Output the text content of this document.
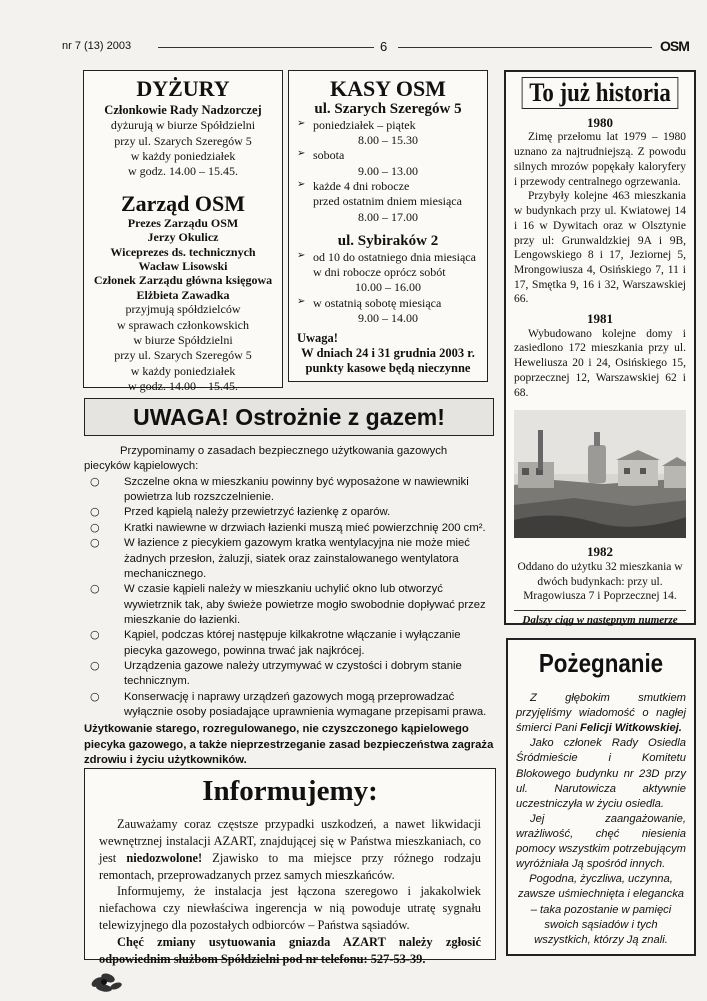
nr 7 (13) 2003	6	OSM
DYŻURY
Członkowie Rady Nadzorczej
dyżurują w biurze Spółdzielni
przy ul. Szarych Szeregów 5
w każdy poniedziałek
w godz. 14.00 – 15.45.
Zarząd OSM
Prezes Zarządu OSM
Jerzy Okulicz
Wiceprezes ds. technicznych
Wacław Lisowski
Członek Zarządu główna księgowa
Elżbieta Zawadka
przyjmują spółdzielców
w sprawach członkowskich
w biurze Spółdzielni
przy ul. Szarych Szeregów 5
w każdy poniedziałek
w godz. 14.00 – 15.45.
KASY OSM
ul. Szarych Szeregów 5
➢ poniedziałek – piątek
8.00 – 15.30
➢ sobota
9.00 – 13.00
➢ każde 4 dni robocze
przed ostatnim dniem miesiąca
8.00 – 17.00
ul. Sybiraków 2
➢ od 10 do ostatniego dnia miesiąca
w dni robocze oprócz sobót
10.00 – 16.00
➢ w ostatnią sobotę miesiąca
9.00 – 14.00
Uwaga!
W dniach 24 i 31 grudnia 2003 r.
punkty kasowe będą nieczynne
To już historia
1980
Zimę przełomu lat 1979 – 1980 uznano za najtrudniejszą. Z powodu silnych mrozów popękały kaloryfery i przewody centralnego ogrzewania.
Przybyły kolejne 463 mieszkania w budynkach przy ul. Kwiatowej 14 i 16 w Dywitach oraz w Olsztynie przy ul: Grunwaldzkiej 9A i 9B, Lengowskiego 8 i 17, Jeziornej 5, Mrongowiusza 4, Osińskiego 7, 11 i 17, Smętka 9, 16 i 32, Warszawskiej 66.
1981
Wybudowano kolejne domy i zasiedlono 172 mieszkania przy ul. Heweliusza 20 i 24, Osińskiego 15, poprzecznej 12, Warszawskiej 62 i 68.
1982
Oddano do użytku 32 mieszkania w dwóch budynkach: przy ul. Mragowiusza 7 i Poprzecznej 14.
Dalszy ciąg w następnym numerze
UWAGA! Ostrożnie z gazem!
Przypominamy o zasadach bezpiecznego użytkowania gazowych piecyków kąpielowych:
○ Szczelne okna w mieszkaniu powinny być wyposażone w nawiewniki powietrza lub rozszczelnienie.
○ Przed kąpielą należy przewietrzyć łazienkę z oparów.
○ Kratki nawiewne w drzwiach łazienki muszą mieć powierzchnię 200 cm².
○ W łazience z piecykiem gazowym kratka wentylacyjna nie może mieć żadnych przesłon, żaluzji, siatek oraz zainstalowanego wentylatora mechanicznego.
○ W czasie kąpieli należy w mieszkaniu uchylić okno lub otworzyć wywietrznik tak, aby świeże powietrze mogło swobodnie dopływać przez mieszkanie do łazienki.
○ Kąpiel, podczas której następuje kilkakrotne włączanie i wyłączanie piecyka gazowego, powinna trwać jak najkrócej.
○ Urządzenia gazowe należy utrzymywać w czystości i dobrym stanie technicznym.
○ Konserwację i naprawy urządzeń gazowych mogą przeprowadzać wyłącznie osoby posiadające uprawnienia wymagane przepisami prawa.
Użytkowanie starego, rozregulowanego, nie czyszczonego kąpielowego piecyka gazowego, a także nieprzestrzeganie zasad bezpieczeństwa zagraża zdrowiu i życiu użytkowników.
Pożegnanie
Z głębokim smutkiem przyjęliśmy wiadomość o nagłej śmierci Pani Felicji Witkowskiej.
Jako członek Rady Osiedla Śródmieście i Komitetu Blokowego budynku nr 23D przy ul. Narutowicza aktywnie uczestniczyła w życiu osiedla.
Jej zaangażowanie, wrażliwość, chęć niesienia pomocy wszystkim potrzebującym wyróżniała Ją spośród innych.
Pogodna, życzliwa, uczynna, zawsze uśmiechnięta i elegancka – taka pozostanie w pamięci swoich sąsiadów i tych wszystkich, którzy Ją znali.
Informujemy:
Zauważamy coraz częstsze przypadki uszkodzeń, a nawet likwidacji wewnętrznej instalacji AZART, znajdującej się w Państwa mieszkaniach, co jest niedozwolone! Zjawisko to ma miejsce przy różnego rodzaju remontach, przeprowadzanych przez samych mieszkańców.
Informujemy, że instalacja jest łączona szeregowo i jakakolwiek niefachowa czy niewłaściwa ingerencja w nią powoduje utratę sygnału telewizyjnego dla pozostałych odbiorców – Państwa sąsiadów.
Chęć zmiany usytuowania gniazda AZART należy zgłosić odpowiednim służbom Spółdzielni pod nr telefonu: 527-53-39.
